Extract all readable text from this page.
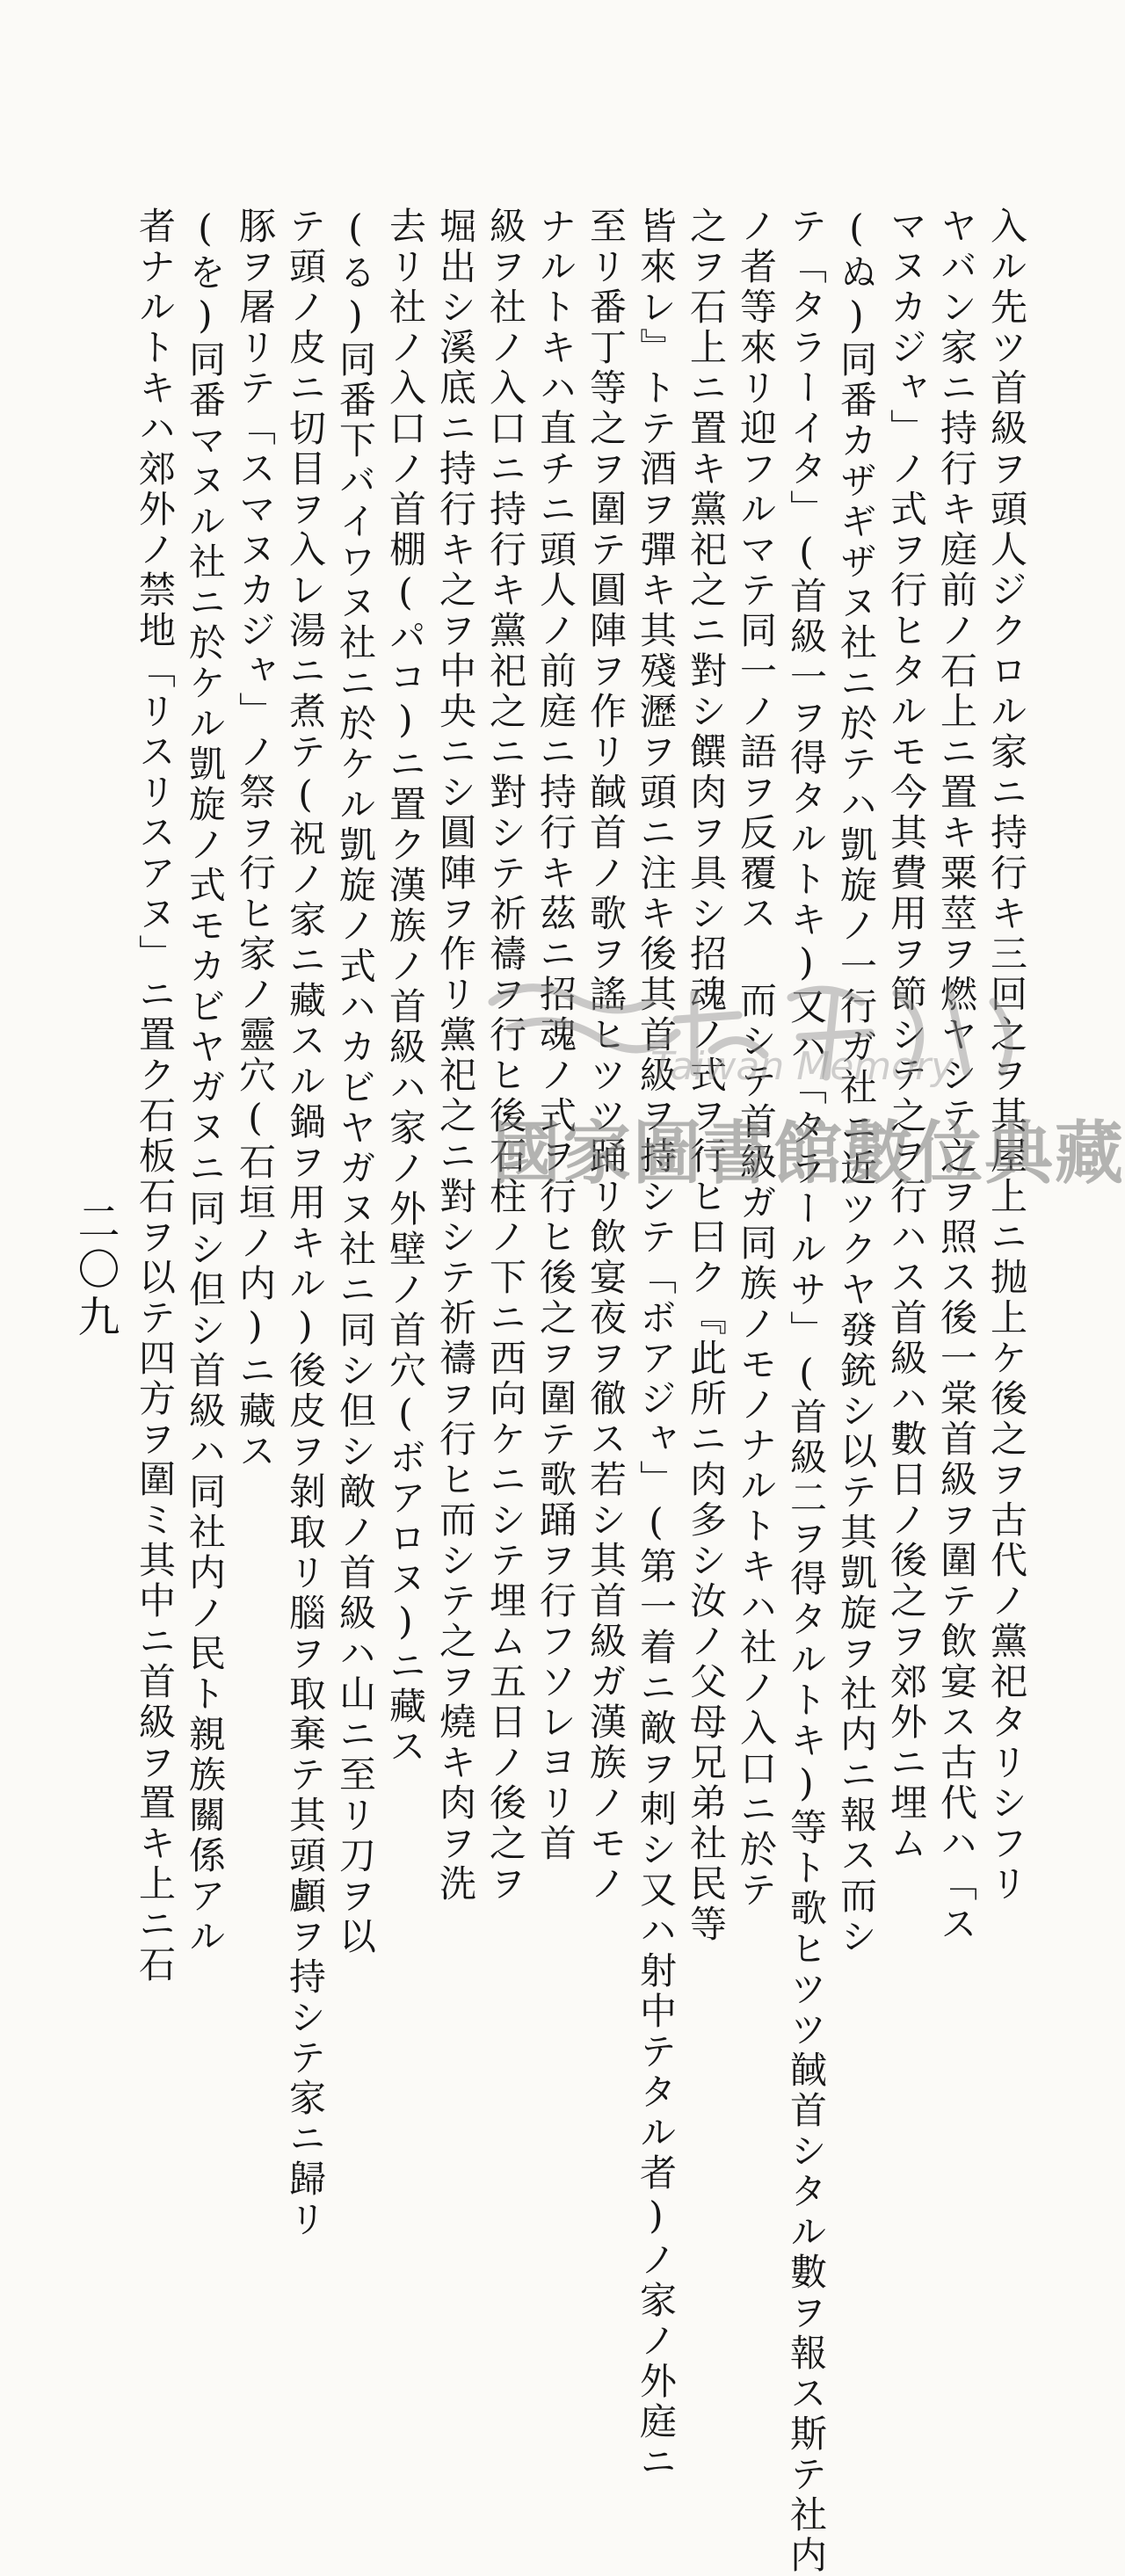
入ル先ツ首級ヲ頭人ジクロル家ニ持行キ三回之ヲ其屋上ニ抛上ケ後之ヲ古代ノ黨祀タリシフリ
ヤバン家ニ持行キ庭前ノ石上ニ置キ粟莖ヲ燃ヤシテ之ヲ照ス後一棠首級ヲ圍テ飲宴ス古代ハ「ス
マヌカジャ」ノ式ヲ行ヒタルモ今其費用ヲ節シテ之ヲ行ハス首級ハ數日ノ後之ヲ郊外ニ埋ム
(ぬ)同番カザギザヌ社ニ於テハ凱旋ノ一行ガ社ニ近ツクヤ發銃シ以テ其凱旋ヲ社内ニ報ス而シ
テ「タラーイタ」(首級一ヲ得タルトキ)又ハ「タラールサ」(首級二ヲ得タルトキ)等ト歌ヒツツ馘首シタル數ヲ報ス斯テ社内
ノ者等來リ迎フルマテ同一ノ語ヲ反覆ス 而シテ首級ガ同族ノモノナルトキハ社ノ入口ニ於テ
之ヲ石上ニ置キ黨祀之ニ對シ饌肉ヲ具シ招魂ノ式ヲ行ヒ曰ク『此所ニ肉多シ汝ノ父母兄弟社民等
皆來レ』トテ酒ヲ彈キ其殘瀝ヲ頭ニ注キ後其首級ヲ持シテ「ボアジャ」(第一着ニ敵ヲ刺シ又ハ射中テタル者)ノ家ノ外庭ニ
至リ番丁等之ヲ圍テ圓陣ヲ作リ馘首ノ歌ヲ謠ヒツツ踊リ飲宴夜ヲ徹ス若シ其首級ガ漢族ノモノ
ナルトキハ直チニ頭人ノ前庭ニ持行キ茲ニ招魂ノ式ヲ行ヒ後之ヲ圍テ歌踊ヲ行フソレヨリ首
級ヲ社ノ入口ニ持行キ黨祀之ニ對シテ祈禱ヲ行ヒ後石柱ノ下ニ西向ケニシテ埋ム五日ノ後之ヲ
堀出シ溪底ニ持行キ之ヲ中央ニシ圓陣ヲ作リ黨祀之ニ對シテ祈禱ヲ行ヒ而シテ之ヲ燒キ肉ヲ洗
去リ社ノ入口ノ首棚(パコ)ニ置ク漢族ノ首級ハ家ノ外壁ノ首穴(ボアロヌ)ニ藏ス
(る)同番下バイワヌ社ニ於ケル凱旋ノ式ハカビヤガヌ社ニ同シ但シ敵ノ首級ハ山ニ至リ刀ヲ以
テ頭ノ皮ニ切目ヲ入レ湯ニ煮テ(祝ノ家ニ藏スル鍋ヲ用キル)後皮ヲ剝取リ腦ヲ取棄テ其頭顱ヲ持シテ家ニ歸リ
豚ヲ屠リテ「スマヌカジャ」ノ祭ヲ行ヒ家ノ靈穴(石垣ノ内)ニ藏ス
(を)同番マヌル社ニ於ケル凱旋ノ式モカビヤガヌニ同シ但シ首級ハ同社内ノ民ト親族關係アル
者ナルトキハ郊外ノ禁地「リスリスアヌ」ニ置ク石板石ヲ以テ四方ヲ圍ミ其中ニ首級ヲ置キ上ニ石
二〇九
Taiwan Memory
國家圖書館數位典藏
